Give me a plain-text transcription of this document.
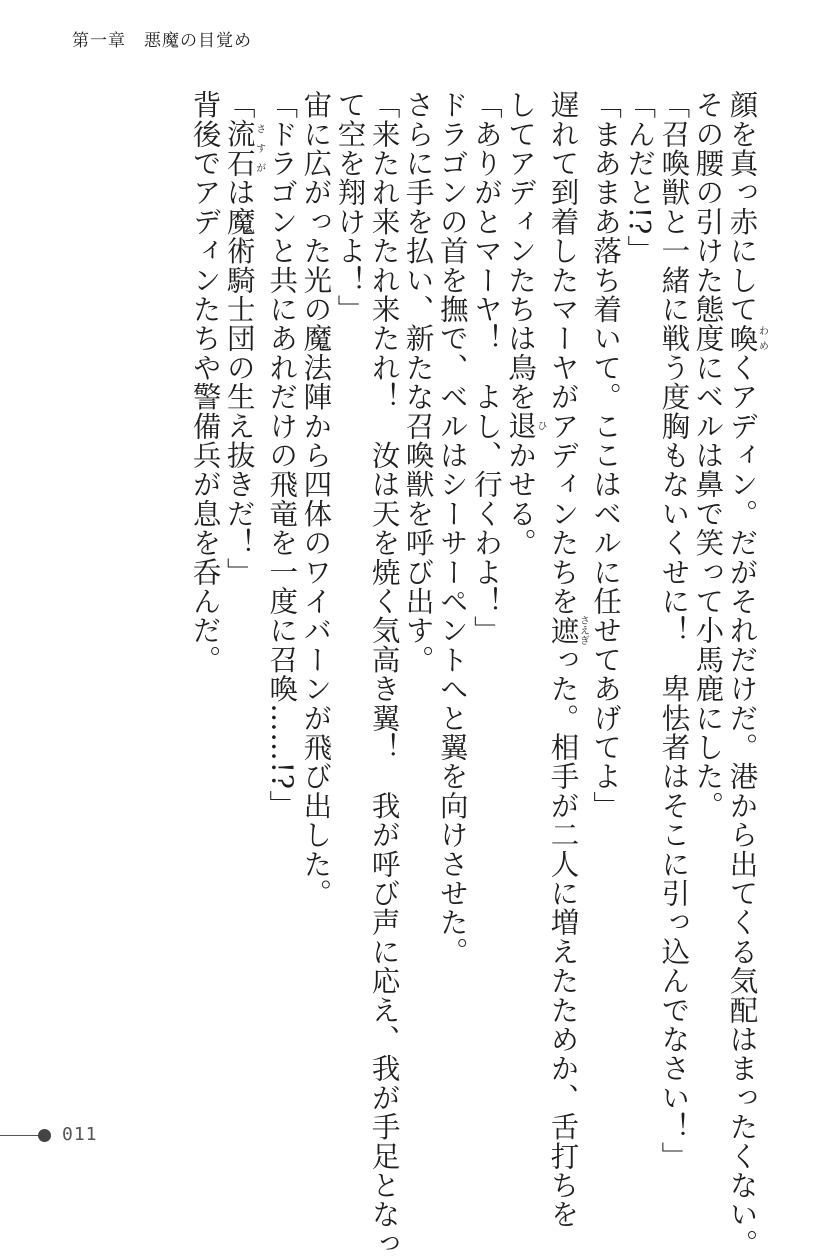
第一章　悪魔の目覚め
顔を真っ赤にして喚わめくアディン。だがそれだけだ。港から出てくる気配はまったくない。
その腰の引けた態度にベルは鼻で笑って小馬鹿にした。
「召喚獣と一緒に戦う度胸もないくせに！　卑怯者はそこに引っ込んでなさい！」
「んだと!?」
「まあまあ落ち着いて。ここはベルに任せてあげてよ」
遅れて到着したマーヤがアディンたちを遮さえぎった。相手が二人に増えたためか、舌打ちを
してアディンたちは鳥を退ひかせる。
「ありがとマーヤ！　よし、行くわよ！」
ドラゴンの首を撫で、ベルはシーサーペントへと翼を向けさせた。
さらに手を払い、新たな召喚獣を呼び出す。
「来たれ来たれ来たれ！　汝は天を焼く気高き翼！　我が呼び声に応え、我が手足となっ
て空を翔けよ！」
宙に広がった光の魔法陣から四体のワイバーンが飛び出した。
「ドラゴンと共にあれだけの飛竜を一度に召喚……!?」
「流石さすがは魔術騎士団の生え抜きだ！」
背後でアディンたちや警備兵が息を呑んだ。
011
